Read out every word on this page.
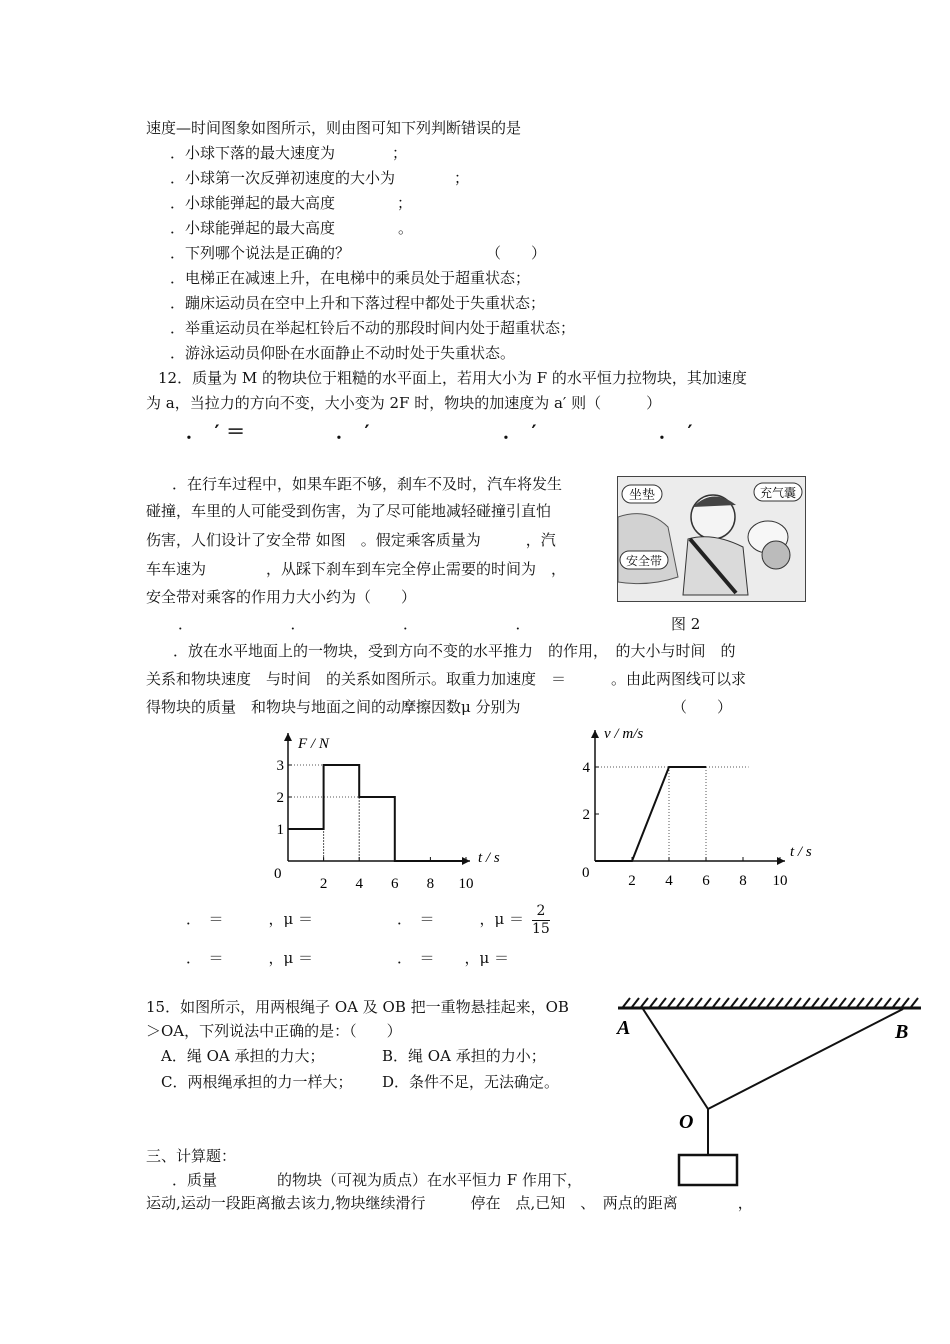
速度—时间图象如图所示，则由图可知下列判断错误的是
．小球下落的最大速度为	；
．小球第一次反弹初速度的大小为	；
．小球能弹起的最大高度	；
．小球能弹起的最大高度	。
．下列哪个说法是正确的？	（　　）
．电梯正在减速上升，在电梯中的乘员处于超重状态；
．蹦床运动员在空中上升和下落过程中都处于失重状态；
．举重运动员在举起杠铃后不动的那段时间内处于超重状态；
．游泳运动员仰卧在水面静止不动时处于失重状态。
12．质量为 M 的物块位于粗糙的水平面上，若用大小为 F 的水平恒力拉物块，其加速度
为 a，当拉力的方向不变，大小变为 2F 时，物块的加速度为 a′ 则（　　　）
．　′ ＝	．　′	．　′	．　′
．在行车过程中，如果车距不够，刹车不及时，汽车将发生
碰撞，车里的人可能受到伤害，为了尽可能地减轻碰撞引直怕
伤害，人们设计了安全带 如图　。假定乘客质量为　　　，汽
车车速为　　　　，从踩下刹车到车完全停止需要的时间为　，
安全带对乘客的作用力大小约为（　　）
．　　　　　　　．　　　　　　　．　　　　　　　．
坐垫	充气囊
安全带
图 2
．放在水平地面上的一物块，受到方向不变的水平推力　的作用，　的大小与时间　的
关系和物块速度　与时间　的关系如图所示。取重力加速度　＝　　　。由此两图线可以求
得物块的质量　和物块与地面之间的动摩擦因数μ 分别为	（　　）
2 4 6 8 10
1
2
3
F / N
t / s
0	2 4 6 8 10
2
4
v / m/s
t / s
0
．　＝　　　，μ ＝	．　＝　　　，$\mu = \frac{2}{15}$
．　＝　　　，μ ＝	．　＝　　，μ ＝
15．如图所示，用两根绳子 OA 及 OB 把一重物悬挂起来，OB
＞OA，下列说法中正确的是：（　　）
A．绳 OA 承担的力大；	B．绳 OA 承担的力小；
C．两根绳承担的力一样大； D．条件不足，无法确定。
A	B
O
三、计算题：
．质量　　　　的物块（可视为质点）在水平恒力 F 作用下，
运动,运动一段距离撤去该力,物块继续滑行　　　停在　点,已知　、　两点的距离　　　　，
